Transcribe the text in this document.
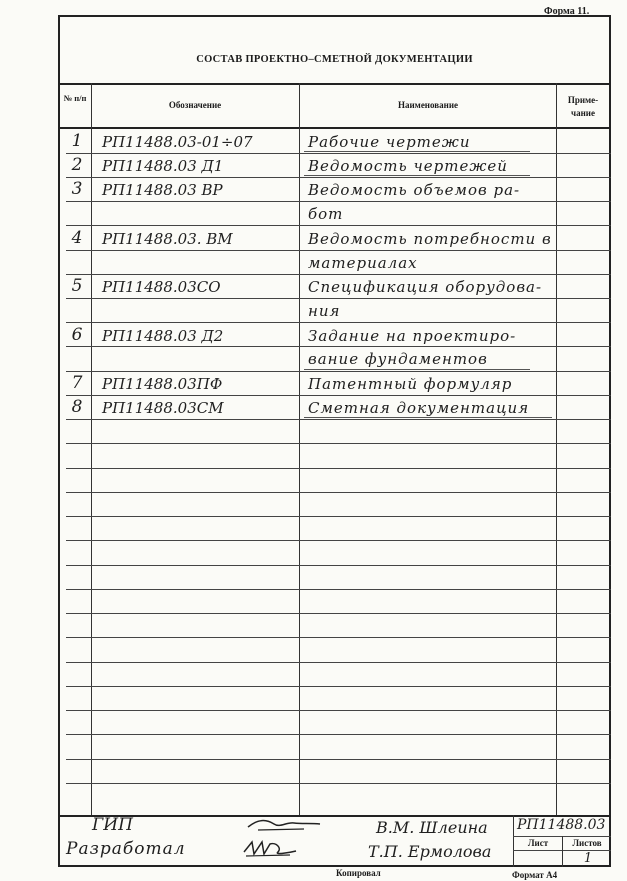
Форма 11.
СОСТАВ ПРОЕКТНО–СМЕТНОЙ ДОКУМЕНТАЦИИ
№ п/п
Обозначение	Наименование	Приме- чание
1	РП11488.03-01÷07	Рабочие чертежи
2	РП11488.03 Д1	Ведомость чертежей
3	РП11488.03 ВР	Ведомость объемов ра-
бот
4	РП11488.03. ВМ	Ведомость потребности в
материалах
5	РП11488.03СО	Спецификация оборудова-
ния
6	РП11488.03 Д2	Задание на проектиро-
вание фундаментов
7	РП11488.03ПФ	Патентный формуляр
8	РП11488.03СМ	Сметная документация
ГИП
Разработал
В.М. Шлеина
Т.П. Ермолова
РП11488.03
Лист	Листов
1
Копировал	Формат А4
